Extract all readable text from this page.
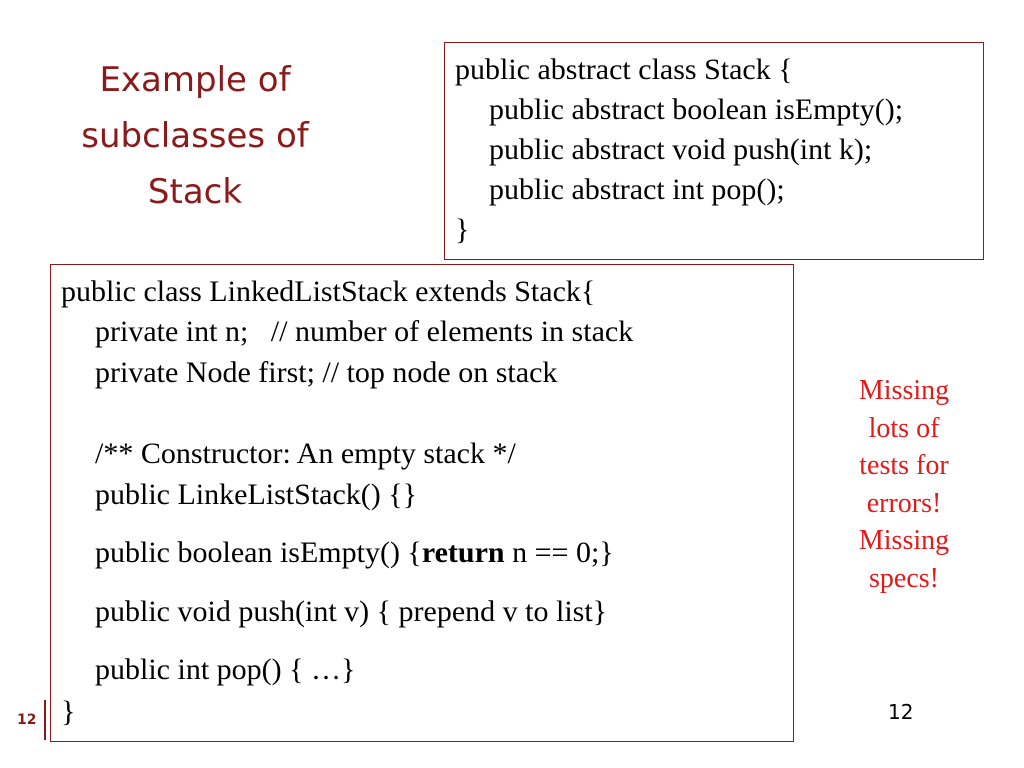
Example of
subclasses of
Stack
public abstract class Stack {
public abstract boolean isEmpty();
public abstract void push(int k);
public abstract int pop();
}
public class LinkedListStack extends Stack{
private int n;   // number of elements in stack
private Node first; // top node on stack
/** Constructor: An empty stack */
public LinkeListStack() {}
public boolean isEmpty() {return n == 0;}
public void push(int v) { prepend v to list}
public int pop() { …}
}
Missing
lots of
tests for
errors!
Missing
specs!
12	12
